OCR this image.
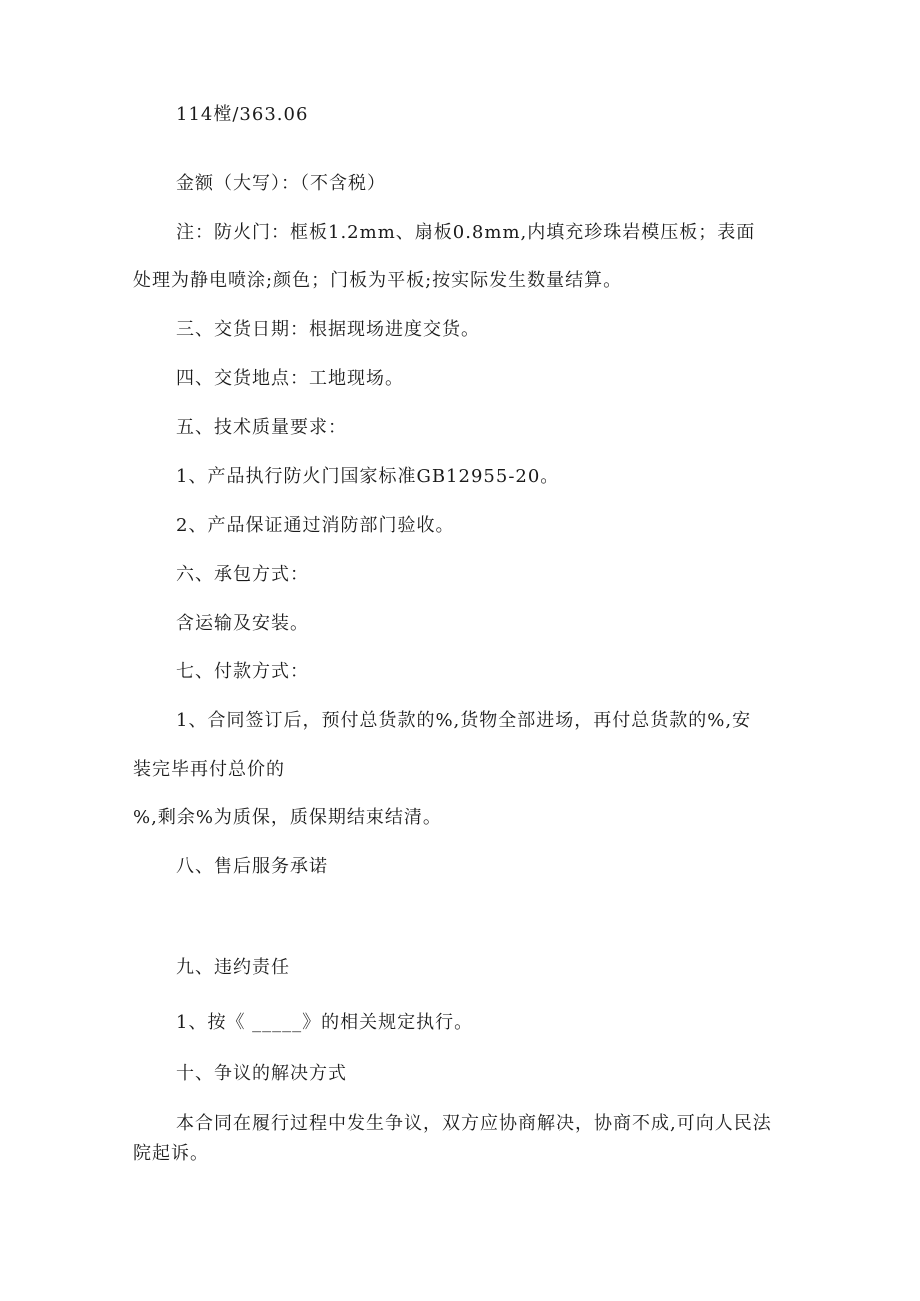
114樘/363.06
金额（大写）：（不含税）
注：防火门：框板1.2mm、扇板0.8mm,内填充珍珠岩模压板；表面
处理为静电喷涂;颜色；门板为平板;按实际发生数量结算。
三、交货日期：根据现场进度交货。
四、交货地点：工地现场。
五、技术质量要求：
1、产品执行防火门国家标准GB12955-20。
2、产品保证通过消防部门验收。
六、承包方式：
含运输及安装。
七、付款方式：
1、合同签订后，预付总货款的%,货物全部进场，再付总货款的%,安
装完毕再付总价的
%,剩余%为质保，质保期结束结清。
八、售后服务承诺
九、违约责任
1、按《 _____》的相关规定执行。
十、争议的解决方式
本合同在履行过程中发生争议，双方应协商解决，协商不成,可向人民法院起诉。
